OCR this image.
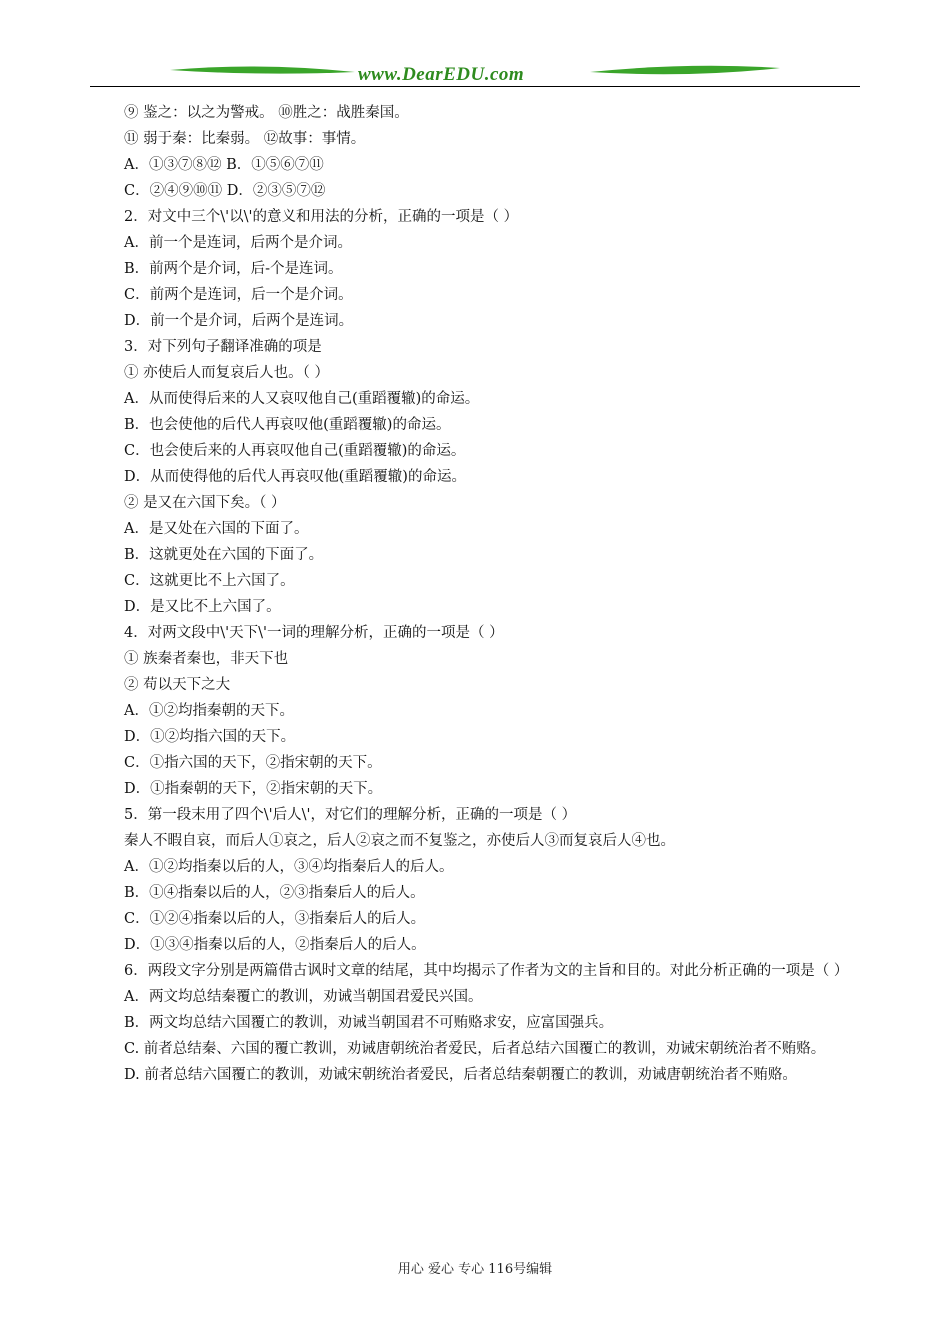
www.DearEDU.com
⑨ 鉴之：以之为警戒。 ⑩胜之：战胜秦国。
⑪ 弱于秦：比秦弱。 ⑫故事：事情。
A．①③⑦⑧⑫ B．①⑤⑥⑦⑪
C．②④⑨⑩⑪ D．②③⑤⑦⑫
2．对文中三个\'以\'的意义和用法的分析，正确的一项是（ ）
A．前一个是连词，后两个是介词。
B．前两个是介词，后-个是连词。
C．前两个是连词，后一个是介词。
D．前一个是介词，后两个是连词。
3．对下列句子翻译准确的项是
① 亦使后人而复哀后人也。（ ）
A．从而使得后来的人又哀叹他自己(重蹈覆辙)的命运。
B．也会使他的后代人再哀叹他(重蹈覆辙)的命运。
C．也会使后来的人再哀叹他自己(重蹈覆辙)的命运。
D．从而使得他的后代人再哀叹他(重蹈覆辙)的命运。
② 是又在六国下矣。（ ）
A．是又处在六国的下面了。
B．这就更处在六国的下面了。
C．这就更比不上六国了。
D．是又比不上六国了。
4．对两文段中\'天下\'一词的理解分析，正确的一项是（ ）
① 族秦者秦也，非天下也
② 苟以天下之大
A．①②均指秦朝的天下。
D．①②均指六国的天下。
C．①指六国的天下，②指宋朝的天下。
D．①指秦朝的天下，②指宋朝的天下。
5．第一段末用了四个\'后人\'，对它们的理解分析，正确的一项是（ ）
秦人不暇自哀，而后人①哀之，后人②哀之而不复鉴之，亦使后人③而复哀后人④也。
A．①②均指秦以后的人，③④均指秦后人的后人。
B．①④指秦以后的人，②③指秦后人的后人。
C．①②④指秦以后的人，③指秦后人的后人。
D．①③④指秦以后的人，②指秦后人的后人。
6．两段文字分别是两篇借古讽时文章的结尾，其中均揭示了作者为文的主旨和目的。对此分析正确的一项是（ ）
A．两文均总结秦覆亡的教训，劝诫当朝国君爱民兴国。
B．两文均总结六国覆亡的教训，劝诫当朝国君不可贿赂求安，应富国强兵。
C. 前者总结秦、六国的覆亡教训，劝诫唐朝统治者爱民，后者总结六国覆亡的教训，劝诫宋朝统治者不贿赂。
D. 前者总结六国覆亡的教训，劝诫宋朝统治者爱民，后者总结秦朝覆亡的教训，劝诫唐朝统治者不贿赂。
用心 爱心 专心 116号编辑
